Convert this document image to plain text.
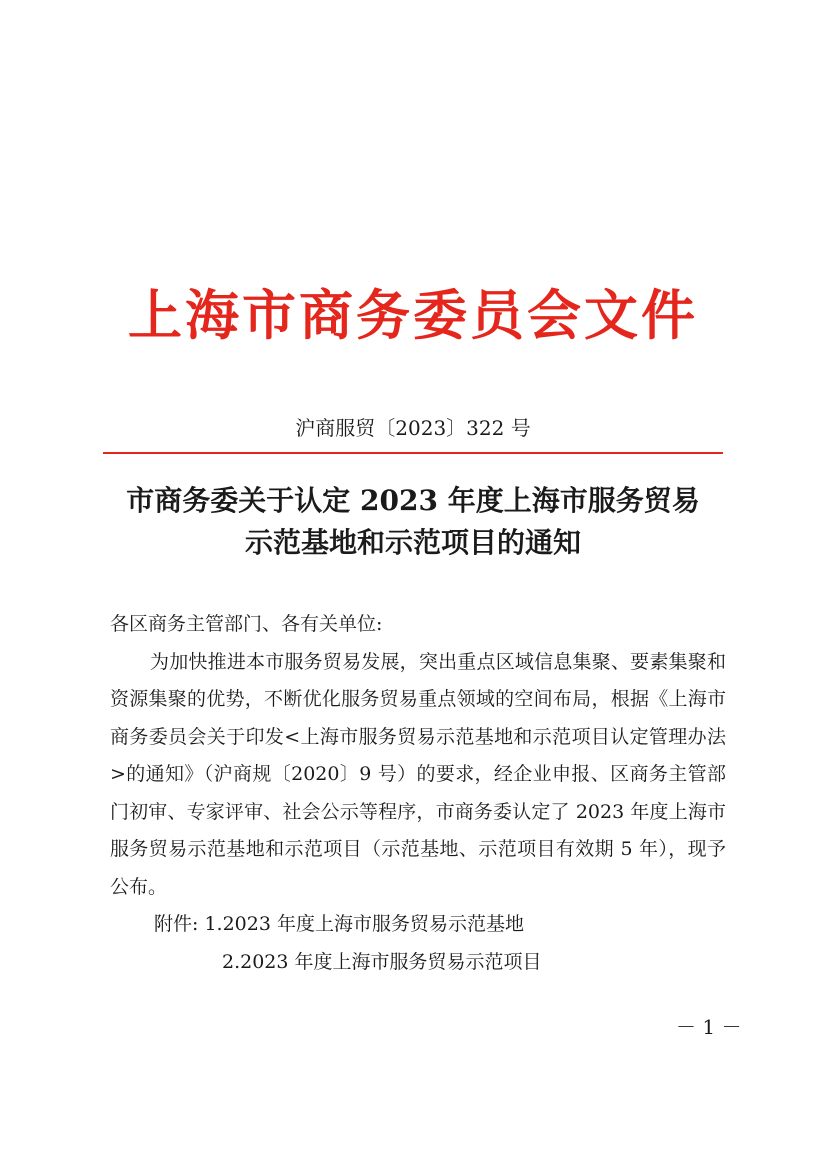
上海市商务委员会文件
沪商服贸〔2023〕322 号
市商务委关于认定 2023 年度上海市服务贸易
示范基地和示范项目的通知

各区商务主管部门、各有关单位:

为加快推进本市服务贸易发展，突出重点区域信息集聚、要素集聚和资源集聚的优势，不断优化服务贸易重点领域的空间布局，根据《上海市商务委员会关于印发<上海市服务贸易示范基地和示范项目认定管理办法>的通知》（沪商规〔2020〕9 号）的要求，经企业申报、区商务主管部门初审、专家评审、社会公示等程序，市商务委认定了 2023 年度上海市服务贸易示范基地和示范项目（示范基地、示范项目有效期 5 年），现予公布。

附件: 1.2023 年度上海市服务贸易示范基地

2.2023 年度上海市服务贸易示范项目

－ 1 －
